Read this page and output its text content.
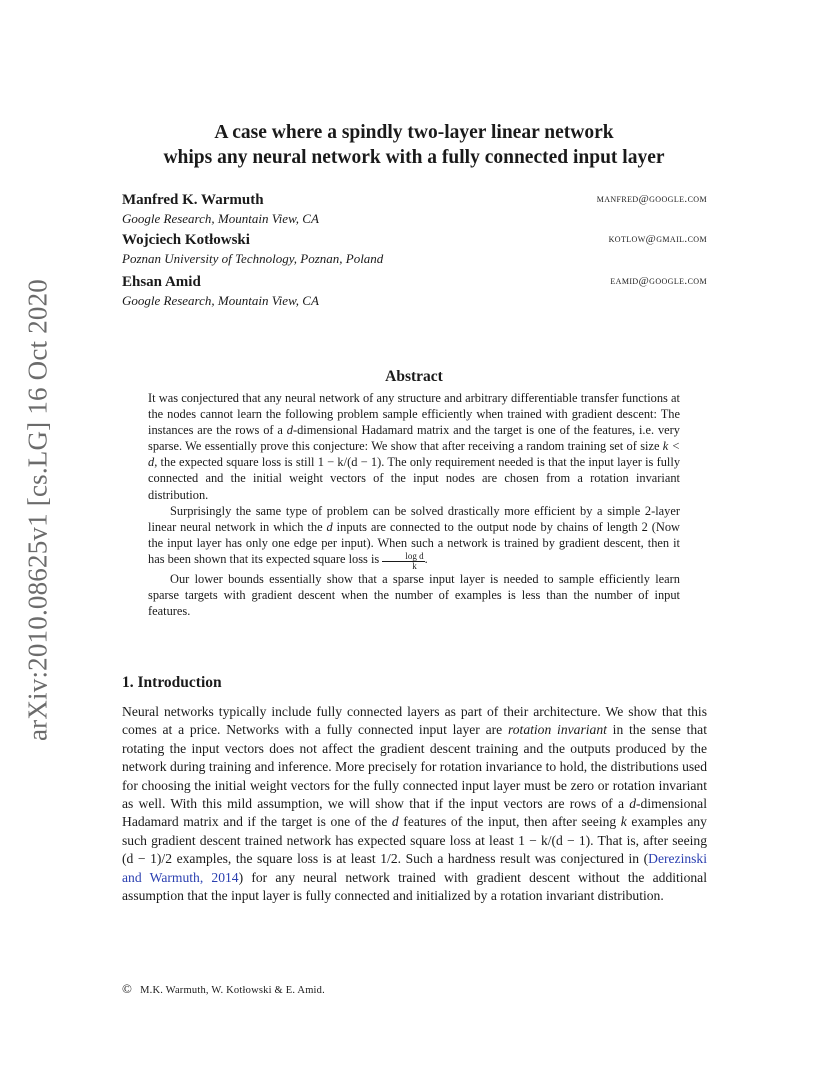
arXiv:2010.08625v1 [cs.LG] 16 Oct 2020
A case where a spindly two-layer linear network
whips any neural network with a fully connected input layer
Manfred K. Warmuth
Google Research, Mountain View, CA
manfred@google.com
Wojciech Kotłowski
Poznan University of Technology, Poznan, Poland
kotlow@gmail.com
Ehsan Amid
Google Research, Mountain View, CA
eamid@google.com
Abstract

It was conjectured that any neural network of any structure and arbitrary differentiable transfer functions at the nodes cannot learn the following problem sample efficiently when trained with gradient descent: The instances are the rows of a d-dimensional Hadamard matrix and the target is one of the features, i.e. very sparse. We essentially prove this conjecture: We show that after receiving a random training set of size k < d, the expected square loss is still 1 − k/(d − 1). The only requirement needed is that the input layer is fully connected and the initial weight vectors of the input nodes are chosen from a rotation invariant distribution.

Surprisingly the same type of problem can be solved drastically more efficient by a simple 2-layer linear neural network in which the d inputs are connected to the output node by chains of length 2 (Now the input layer has only one edge per input). When such a network is trained by gradient descent, then it has been shown that its expected square loss is $\frac{\text{log d}}{k}$ .

Our lower bounds essentially show that a sparse input layer is needed to sample efficiently learn sparse targets with gradient descent when the number of examples is less than the number of input features.

1. Introduction

Neural networks typically include fully connected layers as part of their architecture. We show that this comes at a price. Networks with a fully connected input layer are rotation invariant in the sense that rotating the input vectors does not affect the gradient descent training and the outputs produced by the network during training and inference. More precisely for rotation invariance to hold, the distributions used for choosing the initial weight vectors for the fully connected input layer must be zero or rotation invariant as well. With this mild assumption, we will show that if the input vectors are rows of a d-dimensional Hadamard matrix and if the target is one of the d features of the input, then after seeing k examples any such gradient descent trained network has expected square loss at least 1 − k/(d − 1). That is, after seeing (d − 1)/2 examples, the square loss is at least 1/2. Such a hardness result was conjectured in (Derezinski and Warmuth, 2014) for any neural network trained with gradient descent without the additional assumption that the input layer is fully connected and initialized by a rotation invariant distribution.

© M.K. Warmuth, W. Kotłowski & E. Amid.
